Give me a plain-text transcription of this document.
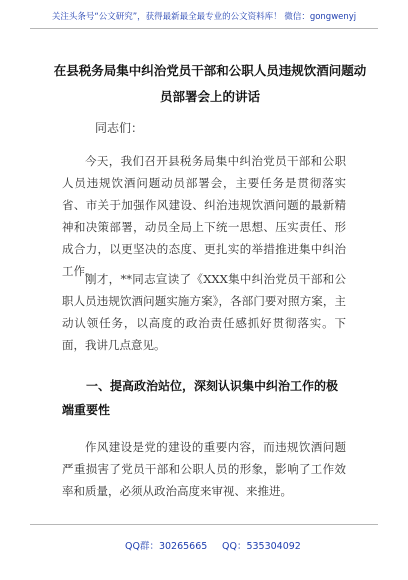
关注头条号“公文研究”，获得最新最全最专业的公文资料库！ 微信：gongwenyj
在县税务局集中纠治党员干部和公职人员违规饮酒问题动员部署会上的讲话
同志们：
今天，我们召开县税务局集中纠治党员干部和公职人员违规饮酒问题动员部署会，主要任务是贯彻落实省、市关于加强作风建设、纠治违规饮酒问题的最新精神和决策部署，动员全局上下统一思想、压实责任、形成合力，以更坚决的态度、更扎实的举措推进集中纠治工作。
刚才，**同志宣读了《XXX集中纠治党员干部和公职人员违规饮酒问题实施方案》，各部门要对照方案，主动认领任务，以高度的政治责任感抓好贯彻落实。下面，我讲几点意见。
一、提高政治站位，深刻认识集中纠治工作的极端重要性
作风建设是党的建设的重要内容，而违规饮酒问题严重损害了党员干部和公职人员的形象，影响了工作效率和质量，必须从政治高度来审视、来推进。
QQ群：30265665 QQ：535304092
